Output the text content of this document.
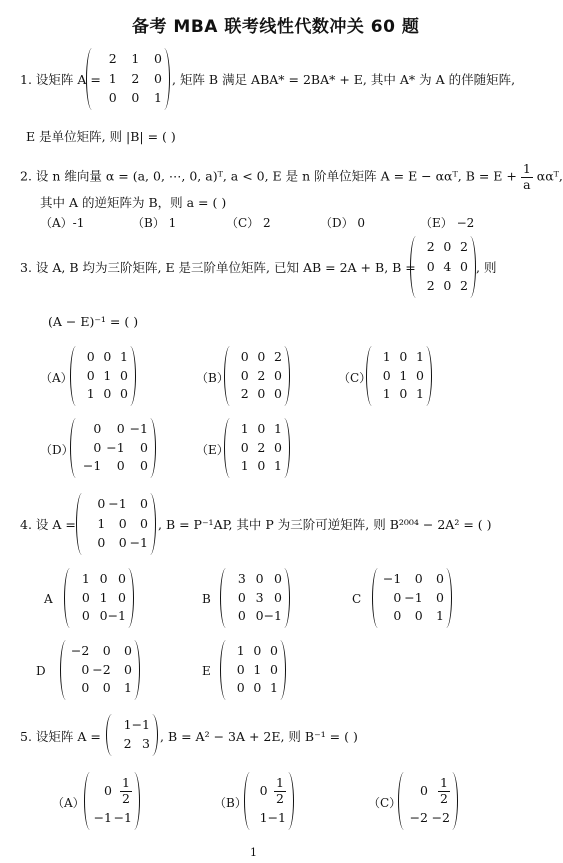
备考 MBA 联考线性代数冲关 60 题
1. 设矩阵 A =
2 1 0
1 2 0
0 0 1
, 矩阵 B 满足 ABA* = 2BA* + E, 其中 A* 为 A 的伴随矩阵,
E 是单位矩阵, 则 |B| = ( )
2. 设 n 维向量 α = (a, 0, ⋯, 0, a)ᵀ, a < 0, E 是 n 阶单位矩阵 A = E − ααᵀ, $B = E + \frac{1}{a}$ ααᵀ,
其中 A 的逆矩阵为 B，则 a = ( )
（A）-1	（B） 1	（C） 2	（D） 0	（E） −2
3. 设 A, B 均为三阶矩阵, E 是三阶单位矩阵, 已知 AB = 2A + B, B =
2 0 2
0 4 0
2 0 2
, 则
(A − E)⁻¹ = ( )
（A）
0 0 1
0 1 0
1 0 0
（B）
0 0 2
0 2 0
2 0 0
（C）
1 0 1
0 1 0
1 0 1
（D）
0 0 −1
0 −1 0
−1 0 0
（E）
1 0 1
0 2 0
1 0 1
4. 设 A =
0 −1 0
1 0 0
0 0 −1
, B = P⁻¹AP, 其中 P 为三阶可逆矩阵, 则 B²⁰⁰⁴ − 2A² = ( )
A
1 0 0
0 1 0
0 0 −1
B
3 0 0
0 3 0
0 0 −1
C
−1 0 0
0 −1 0
0 0 1
D
−2 0 0
0 −2 0
0 0 1
E
1 0 0
0 1 0
0 0 1
5. 设矩阵 A =
1 −1
2 3 , B = A² − 3A + 2E, 则 B⁻¹ = ( )
（A）
$0 \frac{1}{2}$
−1 −1
（B）
$0 \frac{1}{2}$
1 −1
（C）
$0 \frac{1}{2}$
−2 −2
1
